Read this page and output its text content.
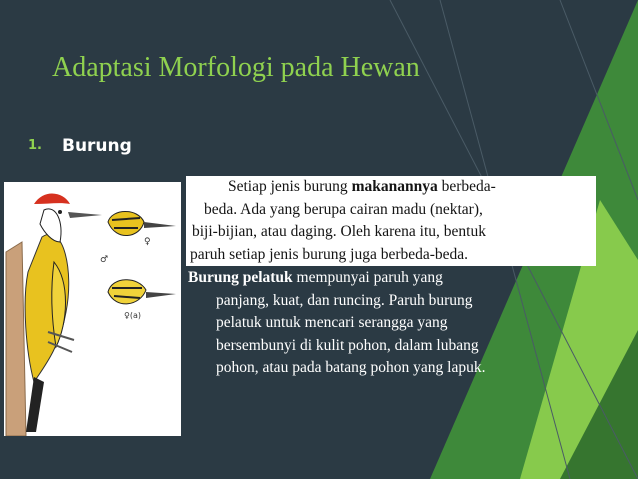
Adaptasi Morfologi pada Hewan
1. Burung
♂
♀
♀(a)

Setiap jenis burung makanannya berbeda-
beda. Ada yang berupa cairan madu (nektar),
biji-bijian, atau daging. Oleh karena itu, bentuk
paruh setiap jenis burung juga berbeda-beda.

Burung pelatuk mempunyai paruh yang
panjang, kuat, dan runcing. Paruh burung
pelatuk untuk mencari serangga yang
bersembunyi di kulit pohon, dalam lubang
pohon, atau pada batang pohon yang lapuk.
